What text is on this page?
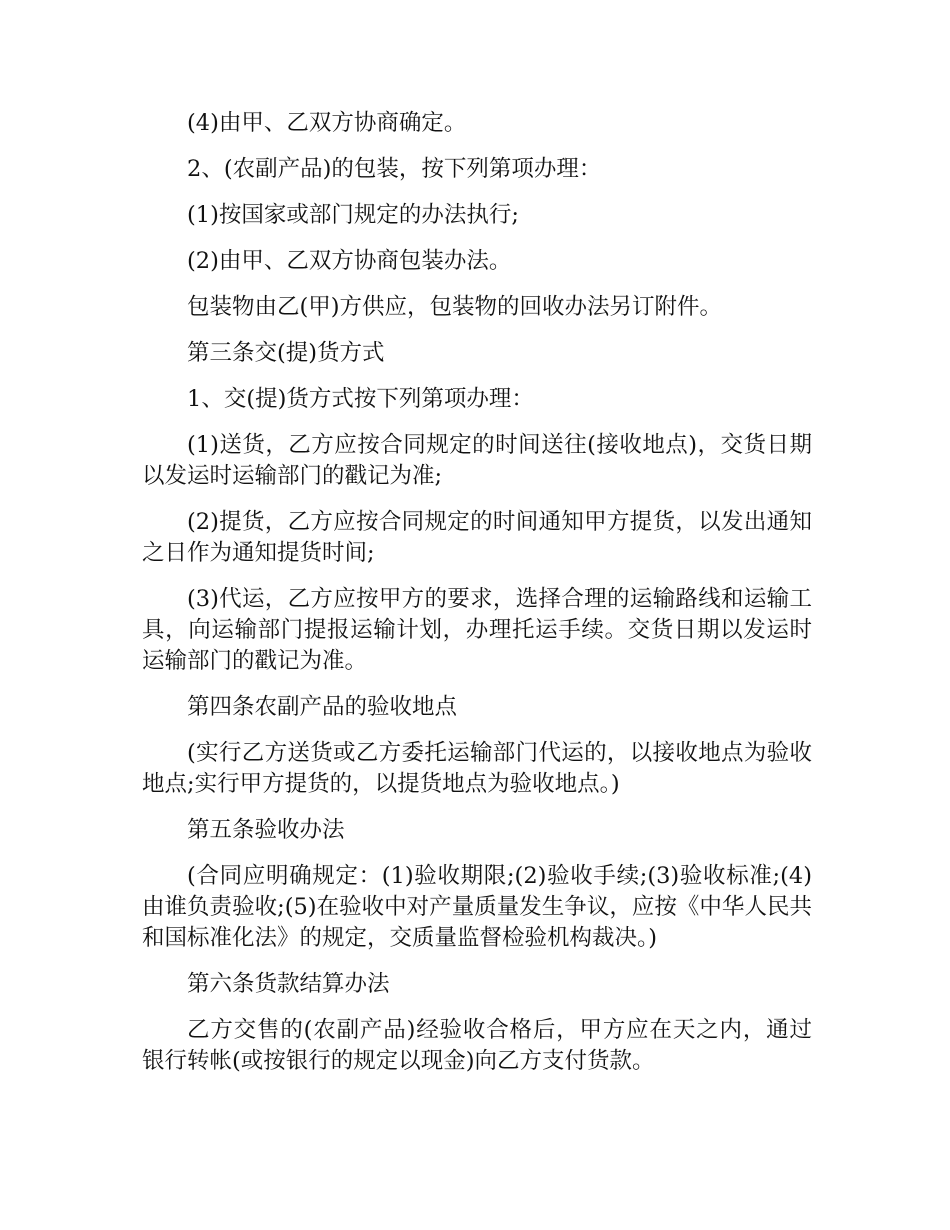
(4)由甲、乙双方协商确定。

2、(农副产品)的包装，按下列第项办理：

(1)按国家或部门规定的办法执行;

(2)由甲、乙双方协商包装办法。

包装物由乙(甲)方供应，包装物的回收办法另订附件。

第三条交(提)货方式

1、交(提)货方式按下列第项办理：

(1)送货，乙方应按合同规定的时间送往(接收地点)，交货日期以发运时运输部门的戳记为准;

(2)提货，乙方应按合同规定的时间通知甲方提货，以发出通知之日作为通知提货时间;

(3)代运，乙方应按甲方的要求，选择合理的运输路线和运输工具，向运输部门提报运输计划，办理托运手续。交货日期以发运时运输部门的戳记为准。

第四条农副产品的验收地点

(实行乙方送货或乙方委托运输部门代运的，以接收地点为验收地点;实行甲方提货的，以提货地点为验收地点。)

第五条验收办法

(合同应明确规定：(1)验收期限;(2)验收手续;(3)验收标准;(4)由谁负责验收;(5)在验收中对产量质量发生争议，应按《中华人民共和国标准化法》的规定，交质量监督检验机构裁决。)

第六条货款结算办法

乙方交售的(农副产品)经验收合格后，甲方应在天之内，通过银行转帐(或按银行的规定以现金)向乙方支付货款。
